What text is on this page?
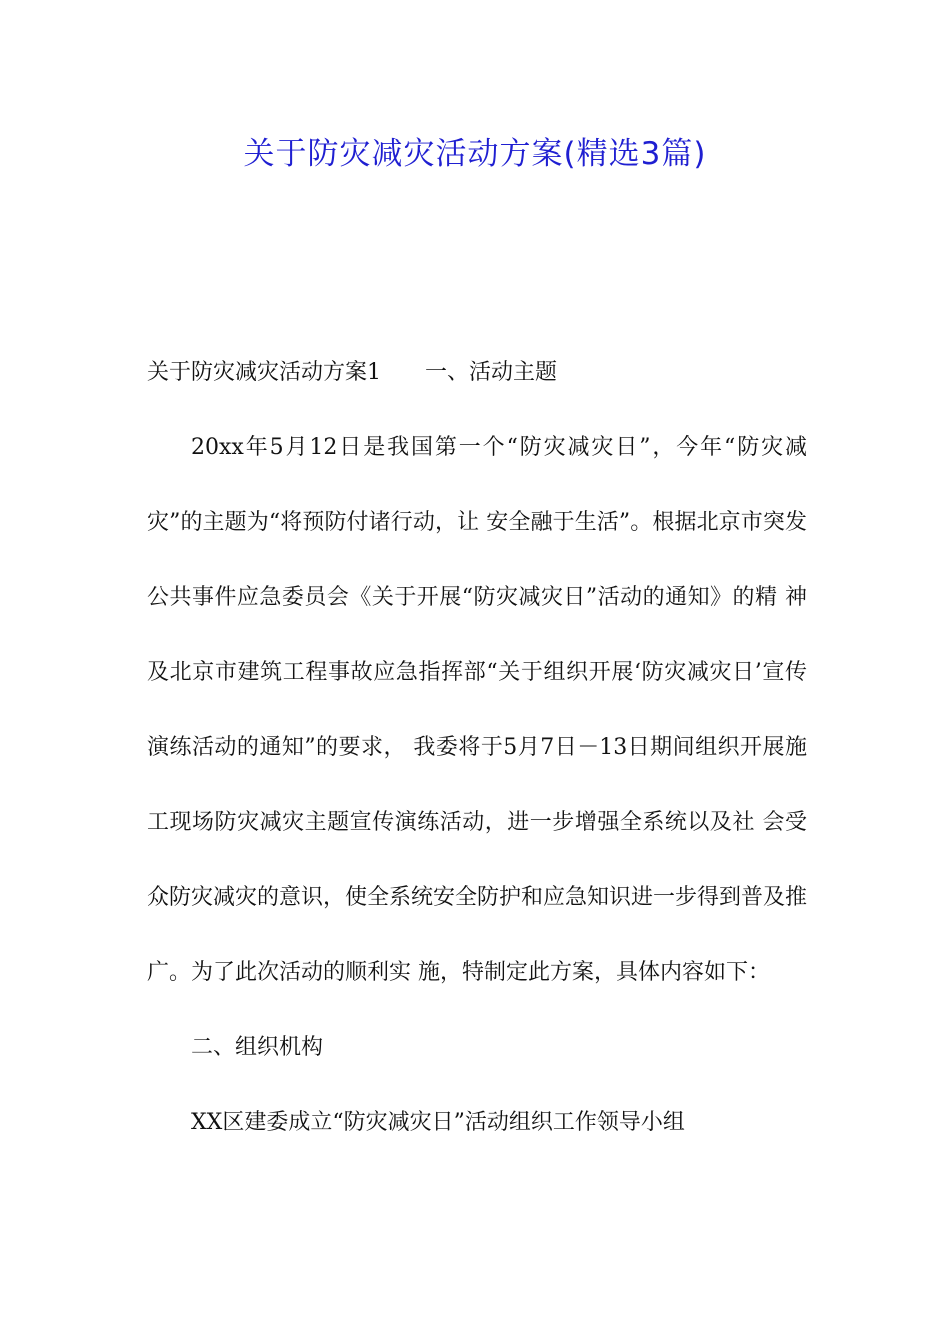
关于防灾减灾活动方案(精选3篇)

关于防灾减灾活动方案1 一、活动主题

20xx年5月12日是我国第一个“防灾减灾日”，今年“防灾减灾”的主题为“将预防付诸行动，让 安全融于生活”。根据北京市突发公共事件应急委员会《关于开展“防灾减灾日”活动的通知》的精 神及北京市建筑工程事故应急指挥部“关于组织开展‘防灾减灾日’宣传演练活动的通知”的要求， 我委将于5月7日－13日期间组织开展施工现场防灾减灾主题宣传演练活动，进一步增强全系统以及社 会受众防灾减灾的意识，使全系统安全防护和应急知识进一步得到普及推广。为了此次活动的顺利实 施，特制定此方案，具体内容如下：

二、组织机构

XX区建委成立“防灾减灾日”活动组织工作领导小组
